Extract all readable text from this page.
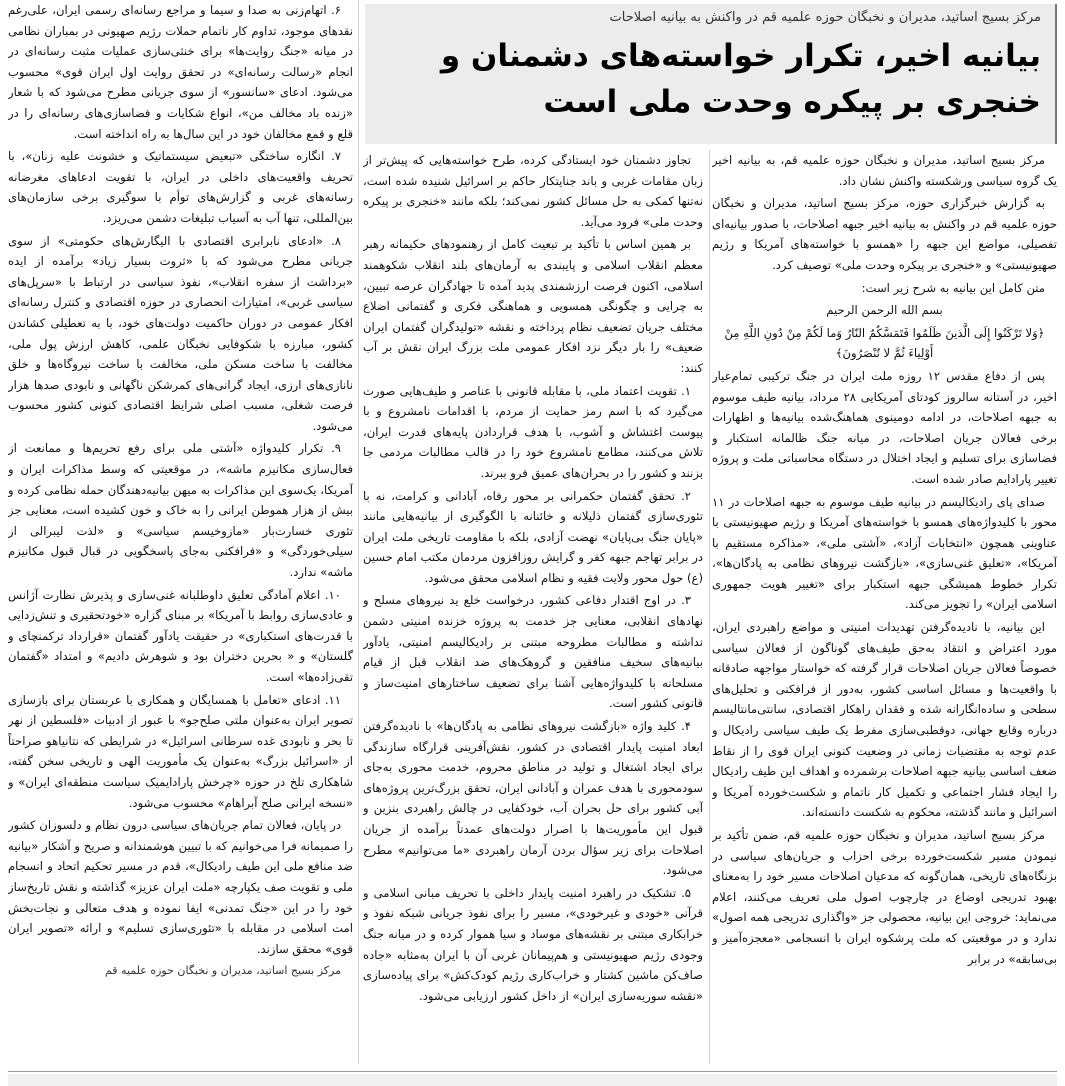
مرکز بسیج اساتید، مدیران و نخبگان حوزه علمیه قم در واکنش به بیانیه اصلاحات

بیانیه اخیر، تکرار خواسته‌های دشمنان و خنجری بر پیکره وحدت ملی است

مرکز بسیج اساتید، مدیران و نخبگان حوزه علمیه قم، به بیانیه اخیر یک گروه سیاسی ورشکسته واکنش نشان داد.

به گزارش خبرگزاری حوزه، مرکز بسیج اساتید، مدیران و نخبگان حوزه علمیه قم در واکنش به بیانیه اخیر جبهه اصلاحات، با صدور بیانیه‌ای تفصیلی، مواضع این جبهه را «همسو با خواسته‌های آمریکا و رژیم صهیونیستی» و «خنجری بر پیکره وحدت ملی» توصیف کرد.

متن کامل این بیانیه به شرح زیر است:

بسم الله الرحمن الرحیم

﴿وَلا تَرْکَنُوا إِلَی الَّذینَ ظَلَمُوا فَتَمَسَّکُمُ النّارُ وَما لَکُمْ مِنْ دُونِ اللَّهِ مِنْ أَوْلِیاءَ ثُمَّ لا تُنْصَرُونَ﴾

پس از دفاع مقدس ۱۲ روزه ملت ایران در جنگ ترکیبی تمام‌عیار اخیر، در آستانه سالروز کودتای آمریکایی ۲۸ مرداد، بیانیه طیف موسوم به جبهه اصلاحات، در ادامه دومینوی هماهنگ‌شده بیانیه‌ها و اظهارات برخی فعالان جریان اصلاحات، در میانه جنگ ظالمانه استکبار و فضاسازی برای تسلیم و ایجاد اختلال در دستگاه محاسباتی ملت و پروژه تغییر پارادایم صادر شده است.

صدای پای رادیکالیسم در بیانیه طیف موسوم به جبهه اصلاحات در ۱۱ محور با کلیدواژه‌های همسو با خواسته‌های آمریکا و رژیم صهیونیستی با عناوینی همچون «انتخابات آزاد»، «آشتی ملی»، «مذاکره مستقیم با آمریکا»، «تعلیق غنی‌سازی»، «بازگشت نیروهای نظامی به پادگان‌ها»، تکرار خطوط همیشگی جبهه استکبار برای «تغییر هویت جمهوری اسلامی ایران» را تجویز می‌کند.

این بیانیه، با نادیده‌گرفتن تهدیدات امنیتی و مواضع راهبردی ایران، مورد اعتراض و انتقاد به‌حق طیف‌های گوناگون از فعالان سیاسی خصوصاً فعالان جریان اصلاحات قرار گرفته که خواستار مواجهه صادقانه با واقعیت‌ها و مسائل اساسی کشور، به‌دور از فرافکنی و تحلیل‌های سطحی و ساده‌انگارانه شده و فقدان راهکار اقتصادی، سانتی‌مانتالیسم درباره وقایع جهانی، دوقطبی‌سازی مفرط یک طیف سیاسی رادیکال و عدم توجه به مقتضیات زمانی در وضعیت کنونی ایران قوی را از نقاط ضعف اساسی بیانیه جبهه اصلاحات برشمرده و اهداف این طیف رادیکال را ایجاد فشار اجتماعی و تکمیل کار ناتمام و شکست‌خورده آمریکا و اسرائیل و مانند گذشته، محکوم به شکست دانسته‌اند.

مرکز بسیج اساتید، مدیران و نخبگان حوزه علمیه قم، ضمن تأکید بر نیمودن مسیر شکست‌خورده برخی احزاب و جریان‌های سیاسی در بزنگاه‌های تاریخی، همان‌گونه که مدعیان اصلاحات مسیر خود را به‌معنای بهبود تدریجی اوضاع در چارچوب اصول ملی تعریف می‌کنند، اعلام می‌نماید: خروجی این بیانیه، محصولی جز «واگذاری تدریجی همه اصول» ندارد و در موقعیتی که ملت پرشکوه ایران با انسجامی «معجزه‌آمیز و بی‌سابقه» در برابر

تجاوز دشمنان خود ایستادگی کرده، طرح خواسته‌هایی که پیش‌تر از زبان مقامات غربی و باند جنایتکار حاکم بر اسرائیل شنیده شده است، نه‌تنها کمکی به حل مسائل کشور نمی‌کند؛ بلکه مانند «خنجری بر پیکره وحدت ملی» فرود می‌آید.

بر همین اساس با تأکید بر تبعیت کامل از رهنمودهای حکیمانه رهبر معظم انقلاب اسلامی و پایبندی به آرمان‌های بلند انقلاب شکوهمند اسلامی، اکنون فرصت ارزشمندی پدید آمده تا جهادگران عرصه تبیین، به چرایی و چگونگی همسویی و هماهنگی فکری و گفتمانی اضلاع مختلف جریان تضعیف نظام پرداخته و نقشه «تولیدگران گفتمان ایران ضعیف» را بار دیگر نزد افکار عمومی ملت بزرگ ایران نقش بر آب کنند:

۱. تقویت اعتماد ملی، با مقابله قانونی با عناصر و طیف‌هایی صورت می‌گیرد که با اسم رمز حمایت از مردم، با اقدامات نامشروع و با پیوست اغتشاش و آشوب، با هدف قراردادن پایه‌های قدرت ایران، تلاش می‌کنند، مطامع نامشروع خود را در قالب مطالبات مردمی جا بزنند و کشور را در بحران‌های عمیق فرو ببرند.

۲. تحقق گفتمان حکمرانی بر محور رفاه، آبادانی و کرامت، نه با تئوری‌سازی گفتمان ذلیلانه و خائنانه با الگوگیری از بیانیه‌هایی مانند «پایان جنگ بی‌پایان» نهضت آزادی، بلکه با مقاومت تاریخی ملت ایران در برابر تهاجم جبهه کفر و گرایش روزافزون مردمان مکتب امام حسین (ع) حول محور ولایت فقیه و نظام اسلامی محقق می‌شود.

۳. در اوج اقتدار دفاعی کشور، درخواست خلع ید نیروهای مسلح و نهادهای انقلابی، معنایی جز خدمت به پروژه خزنده امنیتی دشمن نداشته و مطالبات مطروحه مبتنی بر رادیکالیسم امنیتی، یادآور بیانیه‌های سخیف منافقین و گروهک‌های ضد انقلاب قبل از قیام مسلحانه با کلیدواژه‌هایی آشنا برای تضعیف ساختارهای امنیت‌ساز و قانونی کشور است.

۴. کلید واژه «بازگشت نیروهای نظامی به پادگان‌ها» با نادیده‌گرفتن ابعاد امنیت پایدار اقتصادی در کشور، نقش‌آفرینی قرارگاه سازندگی برای ایجاد اشتغال و تولید در مناطق محروم، خدمت محوری به‌جای سودمحوری با هدف عمران و آبادانی ایران، تحقق بزرگ‌ترین پروژه‌های آبی کشور برای حل بحران آب، خودکفایی در چالش راهبردی بنزین و قبول این مأموریت‌ها با اصرار دولت‌های عمدتاً برآمده از جریان اصلاحات برای زیر سؤال بردن آرمان راهبردی «ما می‌توانیم» مطرح می‌شود.

۵. تشکیک در راهبرد امنیت پایدار داخلی با تحریف مبانی اسلامی و قرآنی «خودی و غیرخودی»، مسیر را برای نفوذ جریانی شبکه نفوذ و خرابکاری مبتنی بر نقشه‌های موساد و سیا هموار کرده و در میانه جنگ وجودی رژیم صهیونیستی و هم‌پیمانان غربی آن با ایران به‌مثابه «جاده صاف‌کن ماشین کشتار و خراب‌کاری رژیم کودک‌کش» برای پیاده‌سازی «نقشه سوریه‌سازی ایران» از داخل کشور ارزیابی می‌شود.

۶. اتهام‌زنی به صدا و سیما و مراجع رسانه‌ای رسمی ایران، علی‌رغم نقدهای موجود، تداوم کار ناتمام حملات رژیم صهیونی در بمباران نظامی در میانه «جنگ روایت‌ها» برای خنثی‌سازی عملیات مثبت رسانه‌ای در انجام «رسالت رسانه‌ای» در تحقق روایت اول ایران قوی» محسوب می‌شود. ادعای «سانسور» از سوی جریانی مطرح می‌شود که با شعار «زنده باد مخالف من»، انواع شکایات و فضاسازی‌های رسانه‌ای را در قلع و قمع مخالفان خود در این سال‌ها به راه انداخته است.

۷. انگاره ساختگی «تبعیض سیستماتیک و خشونت علیه زنان»، با تحریف واقعیت‌های داخلی در ایران، با تقویت ادعاهای مغرضانه رسانه‌های غربی و گزارش‌های توأم با سوگیری برخی سازمان‌های بین‌المللی، تنها آب به آسیاب تبلیغات دشمن می‌ریزد.

۸. «ادعای نابرابری اقتصادی با الیگارش‌های حکومتی» از سوی جریانی مطرح می‌شود که با «ثروت بسیار زیاد» برآمده از ایده «برداشت از سفره انقلاب»، نفوذ سیاسی در ارتباط با «سرپل‌های سیاسی غربی»، امتیازات انحصاری در حوزه اقتصادی و کنترل رسانه‌ای افکار عمومی در دوران حاکمیت دولت‌های خود، با به تعطیلی کشاندن کشور، مبارزه با شکوفایی نخبگان علمی، کاهش ارزش پول ملی، مخالفت با ساخت مسکن ملی، مخالفت با ساخت نیروگاه‌ها و خلق نانازی‌های ارزی، ایجاد گرانی‌های کمرشکن ناگهانی و نابودی صدها هزار فرصت شغلی، مسبب اصلی شرایط اقتصادی کنونی کشور محسوب می‌شود.

۹. تکرار کلیدواژه «آشتی ملی برای رفع تحریم‌ها و ممانعت از فعال‌سازی مکانیزم ماشه»، در موقعیتی که وسط مذاکرات ایران و آمریکا، یک‌سوی این مذاکرات به میهن بیانیه‌دهندگان حمله نظامی کرده و بیش از هزار هموطن ایرانی را به خاک و خون کشیده است، معنایی جز تئوری خسارت‌بار «مازوخیسم سیاسی» و «لذت لیبرالی از سیلی‌خوردگی» و «فرافکنی به‌جای پاسخگویی در قبال قبول مکانیزم ماشه» ندارد.

۱۰. اعلام آمادگی تعلیق داوطلبانه غنی‌سازی و پذیرش نظارت آژانس و عادی‌سازی روابط با آمریکا» بر مبنای گزاره «خودتحقیری و تنش‌زدایی با قدرت‌های استکباری» در حقیقت یادآور گفتمان «قرارداد ترکمنچای و گلستان» و « بحرین دختران بود و شوهرش دادیم» و امتداد «گفتمان تقی‌زاده‌ها» است.

۱۱. ادعای «تعامل با همسایگان و همکاری با عربستان برای بازسازی تصویر ایران به‌عنوان ملتی صلح‌جو» با عبور از ادبیات «فلسطین از نهر تا بحر و نابودی غده سرطانی اسرائیل» در شرایطی که نتانیاهو صراحتاً از «اسرائیل بزرگ» به‌عنوان یک مأموریت الهی و تاریخی سخن گفته، شاهکاری تلخ در حوزه «چرخش پارادایمیک سیاست منطقه‌ای ایران» و «نسخه ایرانی صلح آبراهام» محسوب می‌شود.

در پایان، فعالان تمام جریان‌های سیاسی درون نظام و دلسوزان کشور را صمیمانه فرا می‌خوانیم که با تبیین هوشمندانه و صریح و آشکار «بیانیه ضد منافع ملی این طیف رادیکال»، قدم در مسیر تحکیم اتحاد و انسجام ملی و تقویت صف یکپارچه «ملت ایران عزیز» گذاشته و نقش تاریخ‌ساز خود را در این «جنگ تمدنی» ایفا نموده و هدف متعالی و نجات‌بخش امت اسلامی در مقابله با «تئوری‌سازی تسلیم» و ارائه «تصویر ایران قوی» محقق سازند.

مرکز بسیج اساتید، مدیران و نخبگان حوزه علمیه قم
